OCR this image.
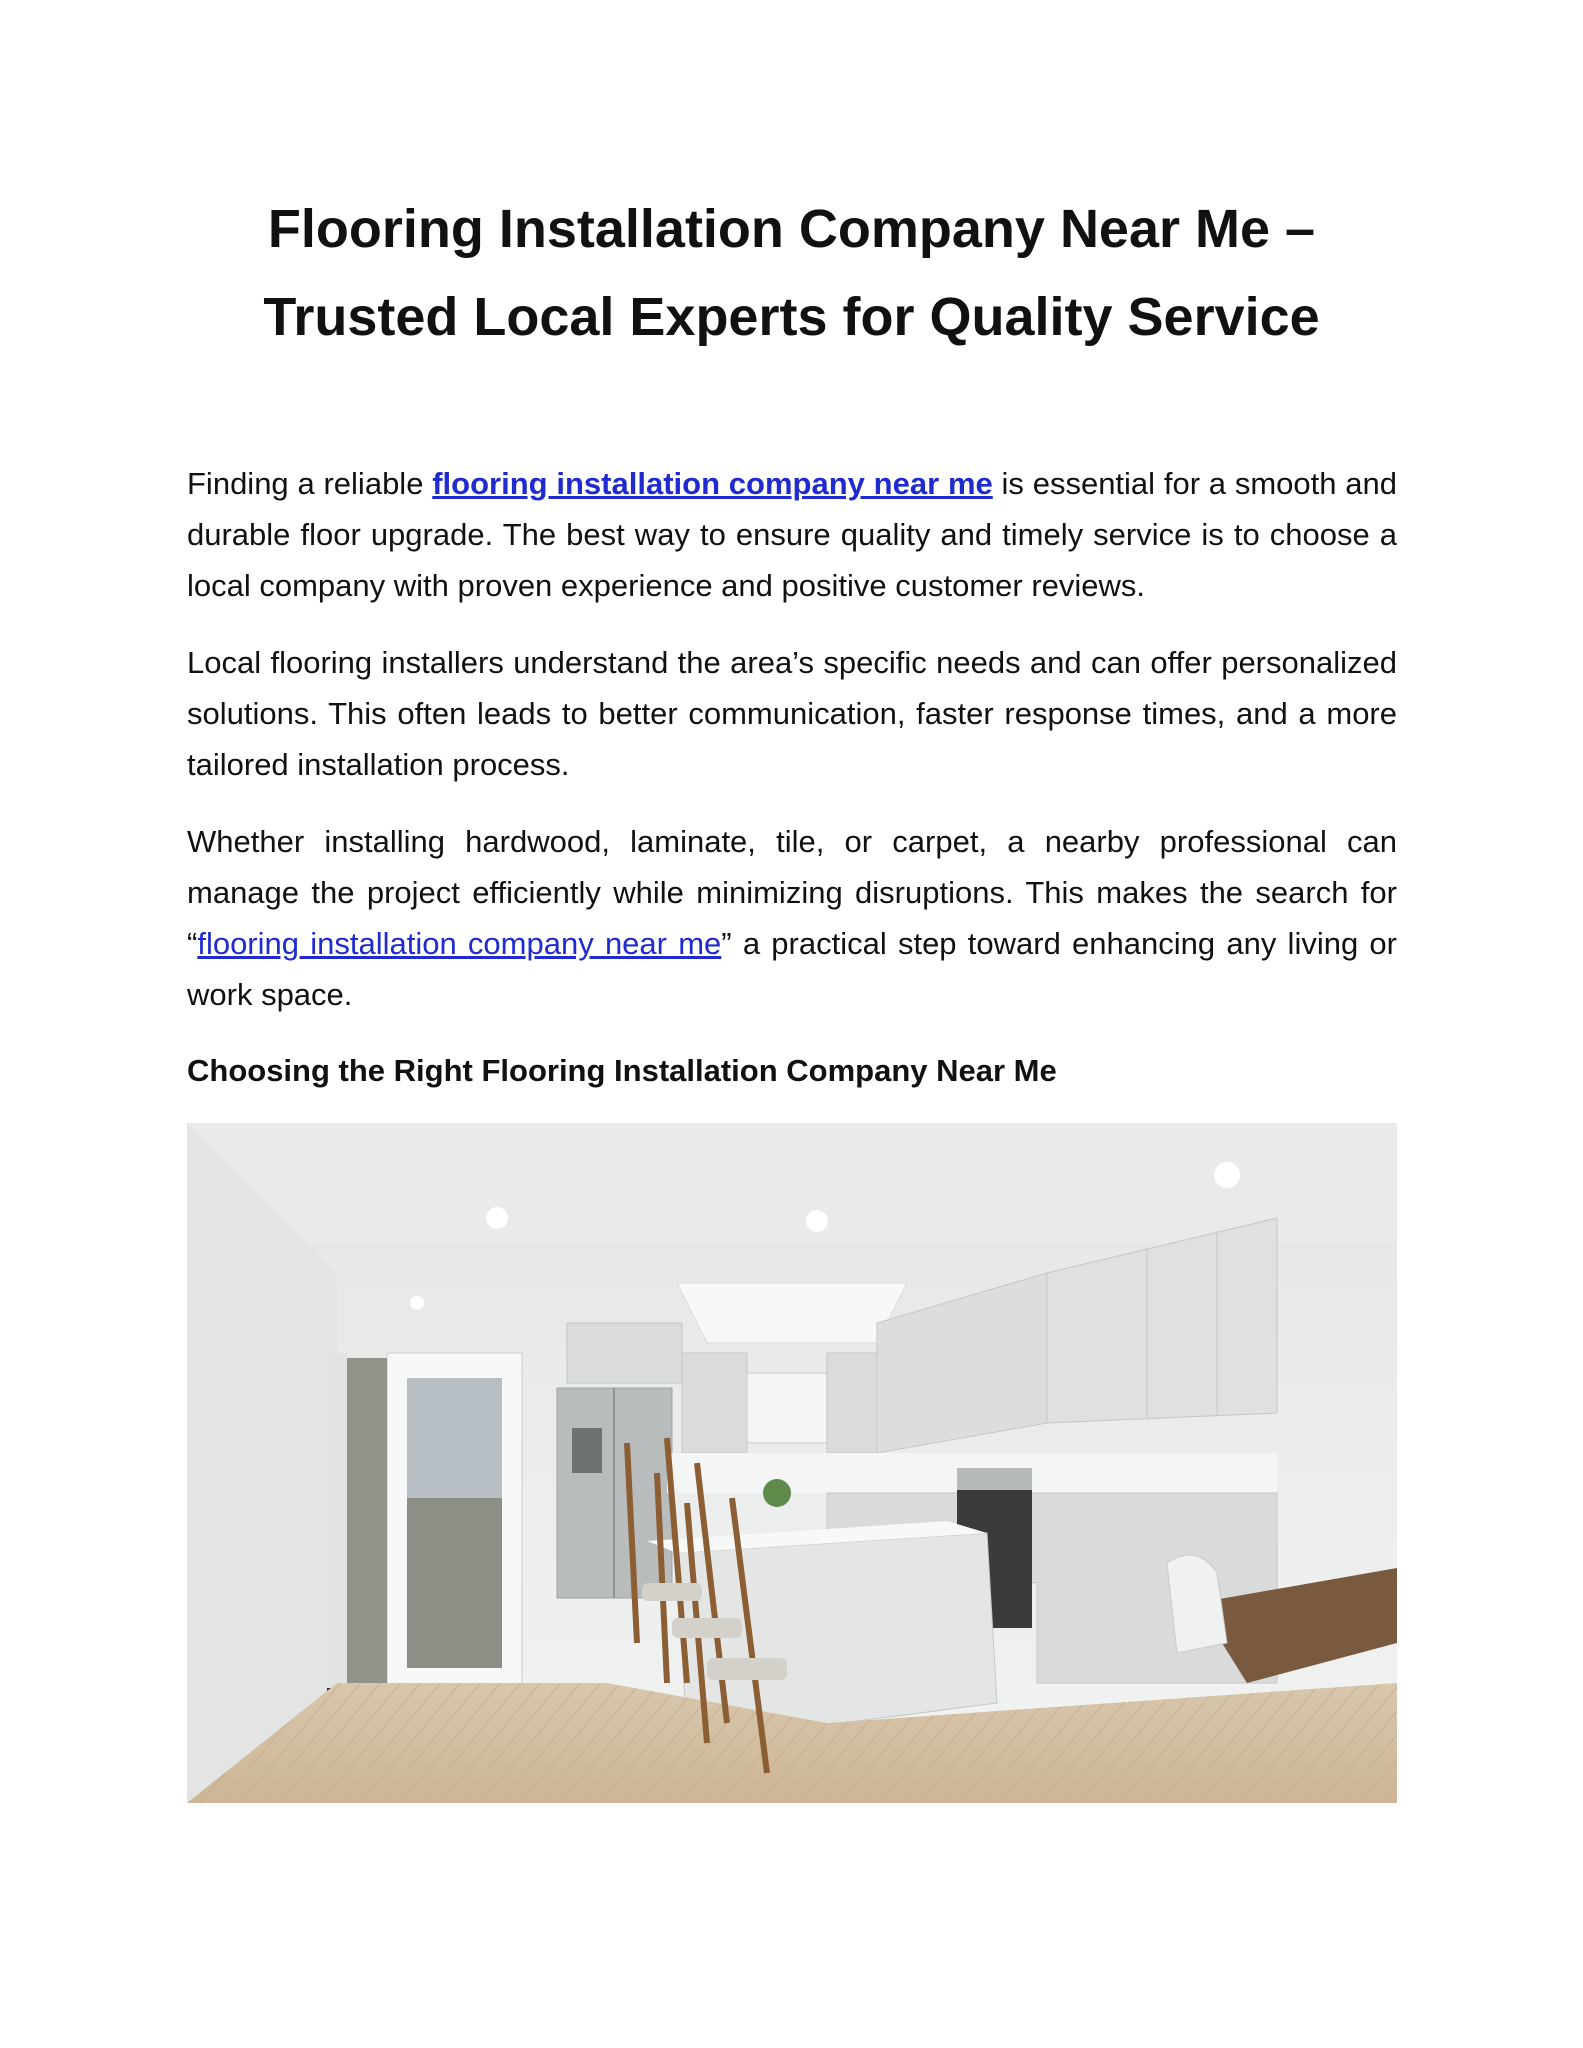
Flooring Installation Company Near Me –
Trusted Local Experts for Quality Service

Finding a reliable flooring installation company near me is essential for a smooth and durable floor upgrade. The best way to ensure quality and timely service is to choose a local company with proven experience and positive customer reviews.

Local flooring installers understand the area’s specific needs and can offer personalized solutions. This often leads to better communication, faster response times, and a more tailored installation process.

Whether installing hardwood, laminate, tile, or carpet, a nearby professional can manage the project efficiently while minimizing disruptions. This makes the search for “flooring installation company near me” a practical step toward enhancing any living or work space.

Choosing the Right Flooring Installation Company Near Me
